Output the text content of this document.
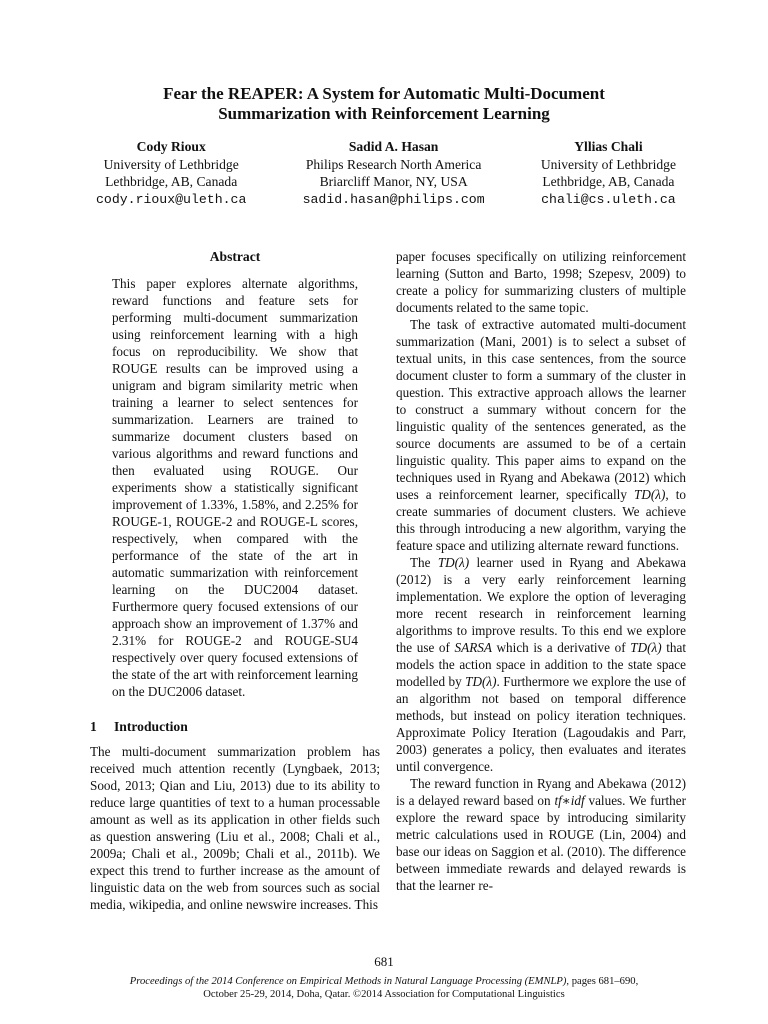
Fear the REAPER: A System for Automatic Multi-Document
Summarization with Reinforcement Learning
Cody Rioux
University of Lethbridge
Lethbridge, AB, Canada
cody.rioux@uleth.ca
Sadid A. Hasan
Philips Research North America
Briarcliff Manor, NY, USA
sadid.hasan@philips.com
Yllias Chali
University of Lethbridge
Lethbridge, AB, Canada
chali@cs.uleth.ca
Abstract

This paper explores alternate algorithms, reward functions and feature sets for performing multi-document summarization using reinforcement learning with a high focus on reproducibility. We show that ROUGE results can be improved using a unigram and bigram similarity metric when training a learner to select sentences for summarization. Learners are trained to summarize document clusters based on various algorithms and reward functions and then evaluated using ROUGE. Our experiments show a statistically significant improvement of 1.33%, 1.58%, and 2.25% for ROUGE-1, ROUGE-2 and ROUGE-L scores, respectively, when compared with the performance of the state of the art in automatic summarization with reinforcement learning on the DUC2004 dataset. Furthermore query focused extensions of our approach show an improvement of 1.37% and 2.31% for ROUGE-2 and ROUGE-SU4 respectively over query focused extensions of the state of the art with reinforcement learning on the DUC2006 dataset.

1 Introduction

The multi-document summarization problem has received much attention recently (Lyngbaek, 2013; Sood, 2013; Qian and Liu, 2013) due to its ability to reduce large quantities of text to a human processable amount as well as its application in other fields such as question answering (Liu et al., 2008; Chali et al., 2009a; Chali et al., 2009b; Chali et al., 2011b). We expect this trend to further increase as the amount of linguistic data on the web from sources such as social media, wikipedia, and online newswire increases. This

paper focuses specifically on utilizing reinforcement learning (Sutton and Barto, 1998; Szepesv, 2009) to create a policy for summarizing clusters of multiple documents related to the same topic.

The task of extractive automated multi-document summarization (Mani, 2001) is to select a subset of textual units, in this case sentences, from the source document cluster to form a summary of the cluster in question. This extractive approach allows the learner to construct a summary without concern for the linguistic quality of the sentences generated, as the source documents are assumed to be of a certain linguistic quality. This paper aims to expand on the techniques used in Ryang and Abekawa (2012) which uses a reinforcement learner, specifically TD(λ), to create summaries of document clusters. We achieve this through introducing a new algorithm, varying the feature space and utilizing alternate reward functions.

The TD(λ) learner used in Ryang and Abekawa (2012) is a very early reinforcement learning implementation. We explore the option of leveraging more recent research in reinforcement learning algorithms to improve results. To this end we explore the use of SARSA which is a derivative of TD(λ) that models the action space in addition to the state space modelled by TD(λ). Furthermore we explore the use of an algorithm not based on temporal difference methods, but instead on policy iteration techniques. Approximate Policy Iteration (Lagoudakis and Parr, 2003) generates a policy, then evaluates and iterates until convergence.

The reward function in Ryang and Abekawa (2012) is a delayed reward based on tf∗idf values. We further explore the reward space by introducing similarity metric calculations used in ROUGE (Lin, 2004) and base our ideas on Saggion et al. (2010). The difference between immediate rewards and delayed rewards is that the learner re-

681
Proceedings of the 2014 Conference on Empirical Methods in Natural Language Processing (EMNLP), pages 681–690,
October 25-29, 2014, Doha, Qatar. ©2014 Association for Computational Linguistics
